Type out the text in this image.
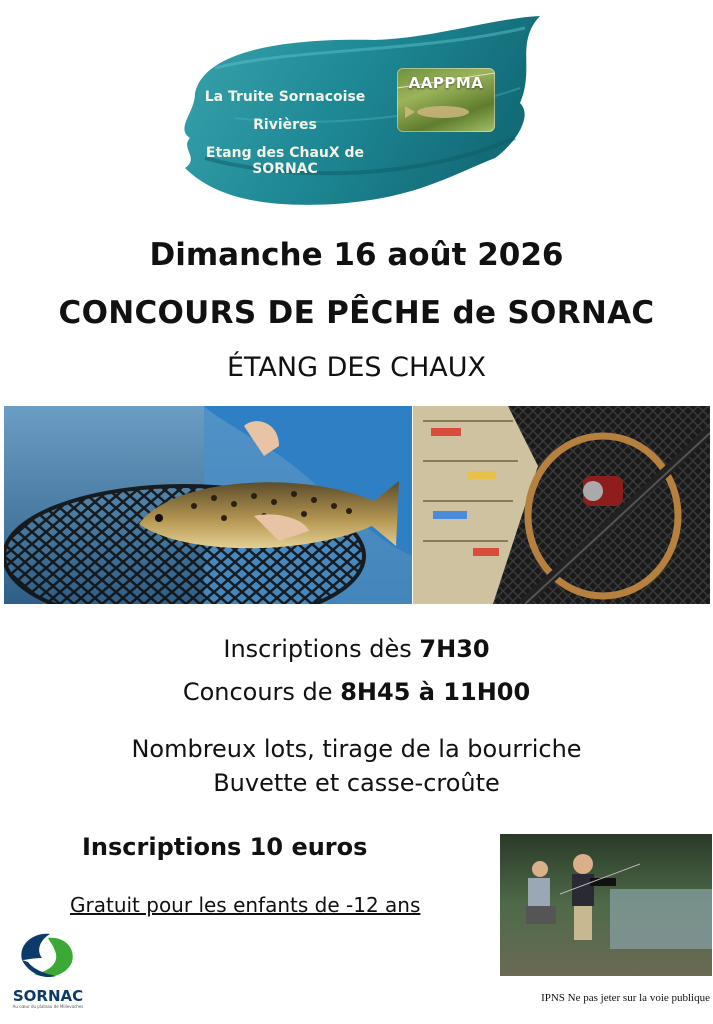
La Truite Sornacoise
Rivières
Etang des ChauX de SORNAC
AAPPMA
Dimanche 16 août 2026
CONCOURS DE PÊCHE de SORNAC
ÉTANG DES CHAUX
Inscriptions dès 7H30
Concours de 8H45 à 11H00
Nombreux lots, tirage de la bourriche
Buvette et casse-croûte
Inscriptions 10 euros
Gratuit pour les enfants de -12 ans
SORNAC
Au cœur du plateau de Millevaches
IPNS Ne pas jeter sur la voie publique
